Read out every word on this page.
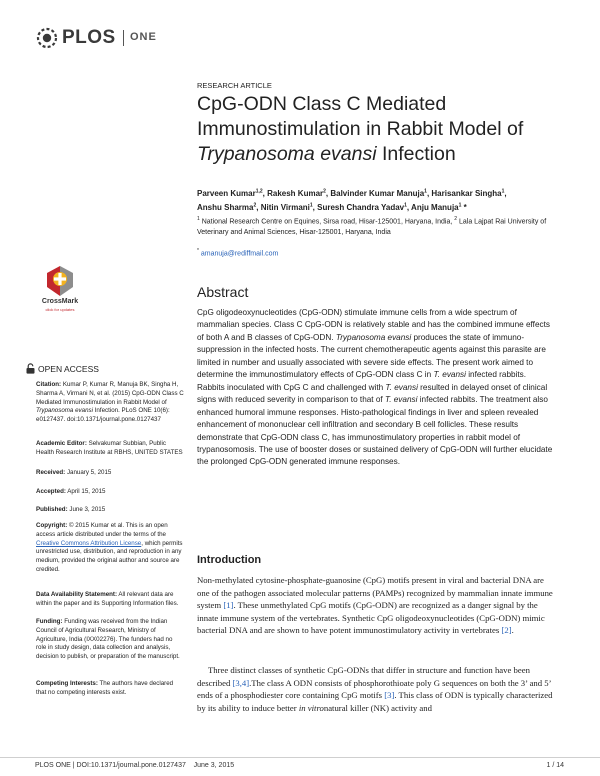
PLOS ONE
CrossMark
click for updates
OPEN ACCESS
Citation: Kumar P, Kumar R, Manuja BK, Singha H, Sharma A, Virmani N, et al. (2015) CpG-ODN Class C Mediated Immunostimulation in Rabbit Model of Trypanosoma evansi Infection. PLoS ONE 10(6): e0127437. doi:10.1371/journal.pone.0127437
Academic Editor: Selvakumar Subbian, Public Health Research Institute at RBHS, UNITED STATES
Received: January 5, 2015
Accepted: April 15, 2015
Published: June 3, 2015
Copyright: © 2015 Kumar et al. This is an open access article distributed under the terms of the Creative Commons Attribution License, which permits unrestricted use, distribution, and reproduction in any medium, provided the original author and source are credited.
Data Availability Statement: All relevant data are within the paper and its Supporting Information files.
Funding: Funding was received from the Indian Council of Agricultural Research, Ministry of Agriculture, India (IXX02276). The funders had no role in study design, data collection and analysis, decision to publish, or preparation of the manuscript.
Competing Interests: The authors have declared that no competing interests exist.
RESEARCH ARTICLE
CpG-ODN Class C Mediated
Immunostimulation in Rabbit Model of
Trypanosoma evansi Infection
Parveen Kumar$^{1,2}$, Rakesh Kumar$^2$, Balvinder Kumar Manuja$^1$, Harisankar Singha$^1$,
Anshu Sharma$^2$, Nitin Virmani$^1$, Suresh Chandra Yadav$^1$, Anju Manuja$^1$ *
$^1$ National Research Centre on Equines, Sirsa road, Hisar-125001, Haryana, India, $^2$ Lala Lajpat Rai University of Veterinary and Animal Sciences, Hisar-125001, Haryana, India
* amanuja@rediffmail.com
Abstract
CpG oligodeoxynucleotides (CpG-ODN) stimulate immune cells from a wide spectrum of mammalian species. Class C CpG-ODN is relatively stable and has the combined immune effects of both A and B classes of CpG-ODN. Trypanosoma evansi produces the state of immuno-suppression in the infected hosts. The current chemotherapeutic agents against this parasite are limited in number and usually associated with severe side effects. The present work aimed to determine the immunostimulatory effects of CpG-ODN class C in T. evansi infected rabbits. Rabbits inoculated with CpG C and challenged with T. evansi resulted in delayed onset of clinical signs with reduced severity in comparison to that of T. evansi infected rabbits. The treatment also enhanced humoral immune responses. Histo-pathological findings in liver and spleen revealed enhancement of mononuclear cell infiltration and secondary B cell follicles. These results demonstrate that CpG-ODN class C, has immunostimulatory properties in rabbit model of trypanosomosis. The use of booster doses or sustained delivery of CpG-ODN will further elucidate the prolonged CpG-ODN generated immune responses.
Introduction
Non-methylated cytosine-phosphate-guanosine (CpG) motifs present in viral and bacterial DNA are one of the pathogen associated molecular patterns (PAMPs) recognized by mammalian innate immune system [1]. These unmethylated CpG motifs (CpG-ODN) are recognized as a danger signal by the innate immune system of the vertebrates. Synthetic CpG oligodeoxynucleotides (CpG-ODN) mimic bacterial DNA and are shown to have potent immunostimulatory activity in vertebrates [2].
Three distinct classes of synthetic CpG-ODNs that differ in structure and function have been described [3,4].The class A ODN consists of phosphorothioate poly G sequences on both the 3’ and 5’ ends of a phosphodiester core containing CpG motifs [3]. This class of ODN is typically characterized by its ability to induce better in vitronatural killer (NK) activity and
PLOS ONE | DOI:10.1371/journal.pone.0127437    June 3, 2015	1 / 14
